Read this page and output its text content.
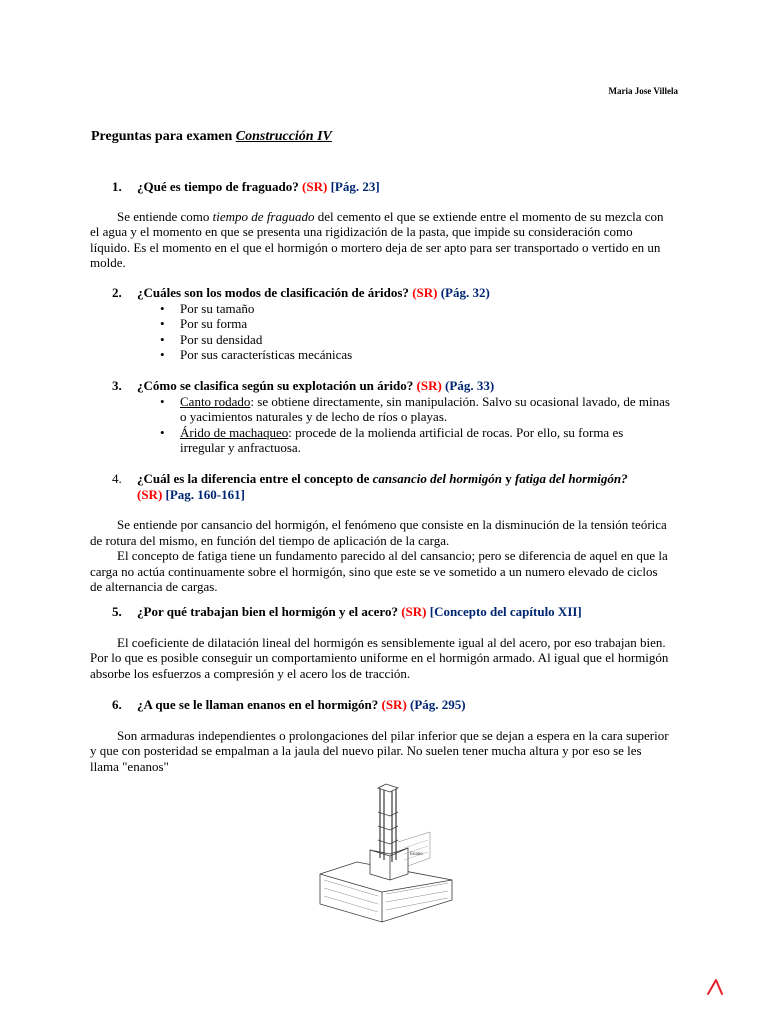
Maria Jose Villela
Preguntas para examen Construcción IV
1. ¿Qué es tiempo de fraguado? (SR) [Pág. 23]
Se entiende como tiempo de fraguado del cemento el que se extiende entre el momento de su mezcla con el agua y el momento en que se presenta una rigidización de la pasta, que impide su consideración como líquido. Es el momento en el que el hormigón o mortero deja de ser apto para ser transportado o vertido en un molde.
2. ¿Cuáles son los modos de clasificación de áridos? (SR) (Pág. 32)
• Por su tamaño
• Por su forma
• Por su densidad
• Por sus características mecánicas
3. ¿Cómo se clasifica según su explotación un árido? (SR) (Pág. 33)
• Canto rodado: se obtiene directamente, sin manipulación. Salvo su ocasional lavado, de minas o yacimientos naturales y de lecho de ríos o playas.
• Árido de machaqueo: procede de la molienda artificial de rocas. Por ello, su forma es irregular y anfractuosa.
4. ¿Cuál es la diferencia entre el concepto de cansancio del hormigón y fatiga del hormigón?
(SR) [Pag. 160-161]
Se entiende por cansancio del hormigón, el fenómeno que consiste en la disminución de la tensión teórica de rotura del mismo, en función del tiempo de aplicación de la carga.
El concepto de fatiga tiene un fundamento parecido al del cansancio; pero se diferencia de aquel en que la carga no actúa continuamente sobre el hormigón, sino que este se ve sometido a un numero elevado de ciclos de alternancia de cargas.
5. ¿Por qué trabajan bien el hormigón y el acero? (SR) [Concepto del capítulo XII]
El coeficiente de dilatación lineal del hormigón es sensiblemente igual al del acero, por eso trabajan bien. Por lo que es posible conseguir un comportamiento uniforme en el hormigón armado. Al igual que el hormigón absorbe los esfuerzos a compresión y el acero los de tracción.
6. ¿A que se le llaman enanos en el hormigón? (SR) (Pág. 295)
Son armaduras independientes o prolongaciones del pilar inferior que se dejan a espera en la cara superior y que con posteridad se empalman a la jaula del nuevo pilar. No suelen tener mucha altura y por eso se les llama "enanos"
Enano
